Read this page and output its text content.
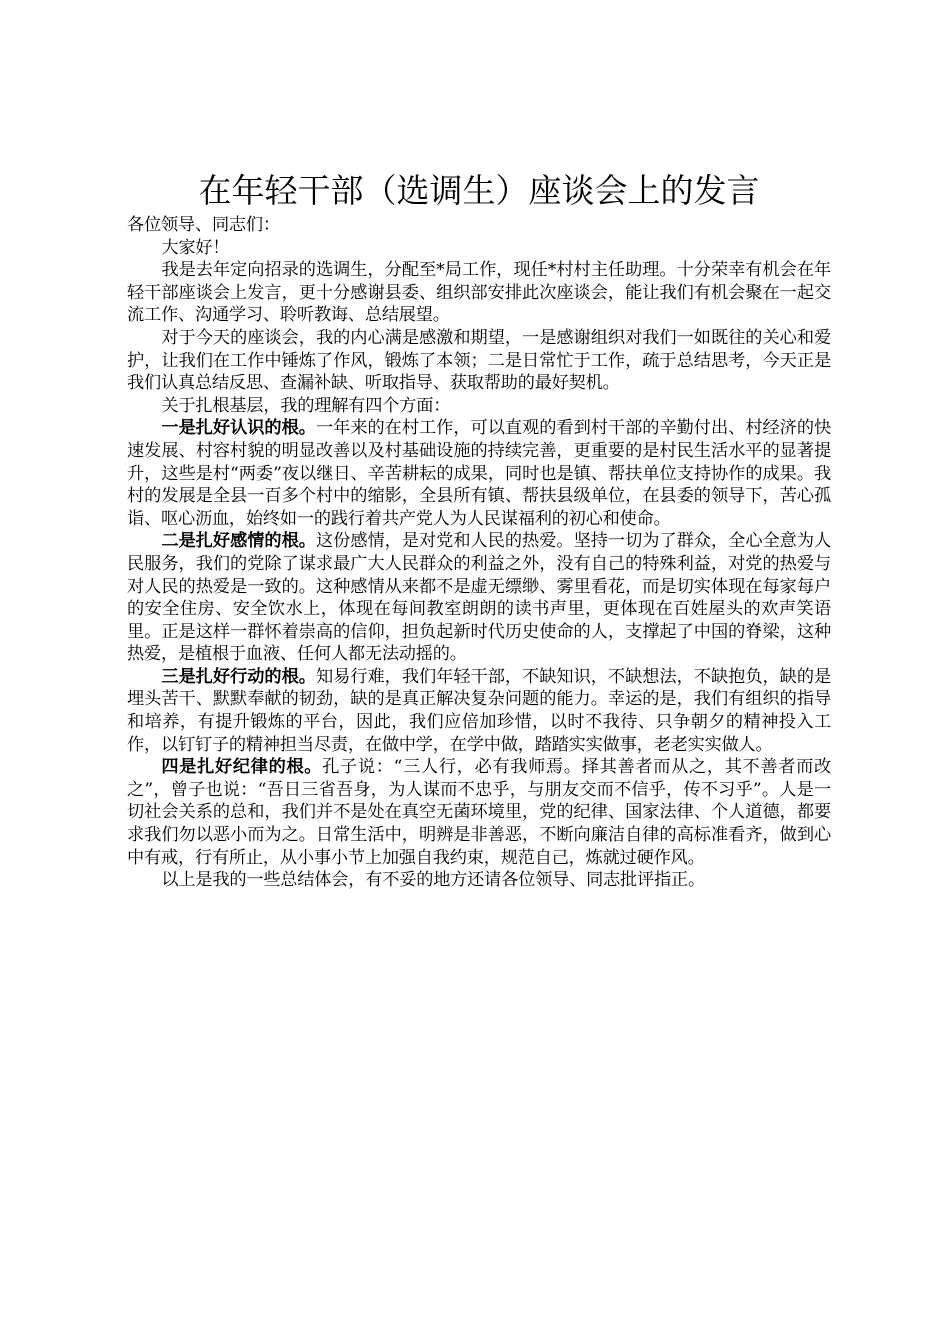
在年轻干部（选调生）座谈会上的发言

各位领导、同志们：

大家好！

我是去年定向招录的选调生，分配至*局工作，现任*村村主任助理。十分荣幸有机会在年轻干部座谈会上发言，更十分感谢县委、组织部安排此次座谈会，能让我们有机会聚在一起交流工作、沟通学习、聆听教诲、总结展望。

对于今天的座谈会，我的内心满是感激和期望，一是感谢组织对我们一如既往的关心和爱护，让我们在工作中锤炼了作风，锻炼了本领；二是日常忙于工作，疏于总结思考，今天正是我们认真总结反思、查漏补缺、听取指导、获取帮助的最好契机。

关于扎根基层，我的理解有四个方面：

一是扎好认识的根。一年来的在村工作，可以直观的看到村干部的辛勤付出、村经济的快速发展、村容村貌的明显改善以及村基础设施的持续完善，更重要的是村民生活水平的显著提升，这些是村“两委”夜以继日、辛苦耕耘的成果，同时也是镇、帮扶单位支持协作的成果。我村的发展是全县一百多个村中的缩影，全县所有镇、帮扶县级单位，在县委的领导下，苦心孤诣、呕心沥血，始终如一的践行着共产党人为人民谋福利的初心和使命。

二是扎好感情的根。这份感情，是对党和人民的热爱。坚持一切为了群众，全心全意为人民服务，我们的党除了谋求最广大人民群众的利益之外，没有自己的特殊利益，对党的热爱与对人民的热爱是一致的。这种感情从来都不是虚无缥缈、雾里看花，而是切实体现在每家每户的安全住房、安全饮水上，体现在每间教室朗朗的读书声里，更体现在百姓屋头的欢声笑语里。正是这样一群怀着崇高的信仰，担负起新时代历史使命的人，支撑起了中国的脊梁，这种热爱，是植根于血液、任何人都无法动摇的。

三是扎好行动的根。知易行难，我们年轻干部，不缺知识，不缺想法，不缺抱负，缺的是埋头苦干、默默奉献的韧劲，缺的是真正解决复杂问题的能力。幸运的是，我们有组织的指导和培养，有提升锻炼的平台，因此，我们应倍加珍惜，以时不我待、只争朝夕的精神投入工作，以钉钉子的精神担当尽责，在做中学，在学中做，踏踏实实做事，老老实实做人。

四是扎好纪律的根。孔子说：“三人行，必有我师焉。择其善者而从之，其不善者而改之”，曾子也说：“吾日三省吾身，为人谋而不忠乎，与朋友交而不信乎，传不习乎”。人是一切社会关系的总和，我们并不是处在真空无菌环境里，党的纪律、国家法律、个人道德，都要求我们勿以恶小而为之。日常生活中，明辨是非善恶，不断向廉洁自律的高标准看齐，做到心中有戒，行有所止，从小事小节上加强自我约束，规范自己，炼就过硬作风。

以上是我的一些总结体会，有不妥的地方还请各位领导、同志批评指正。
